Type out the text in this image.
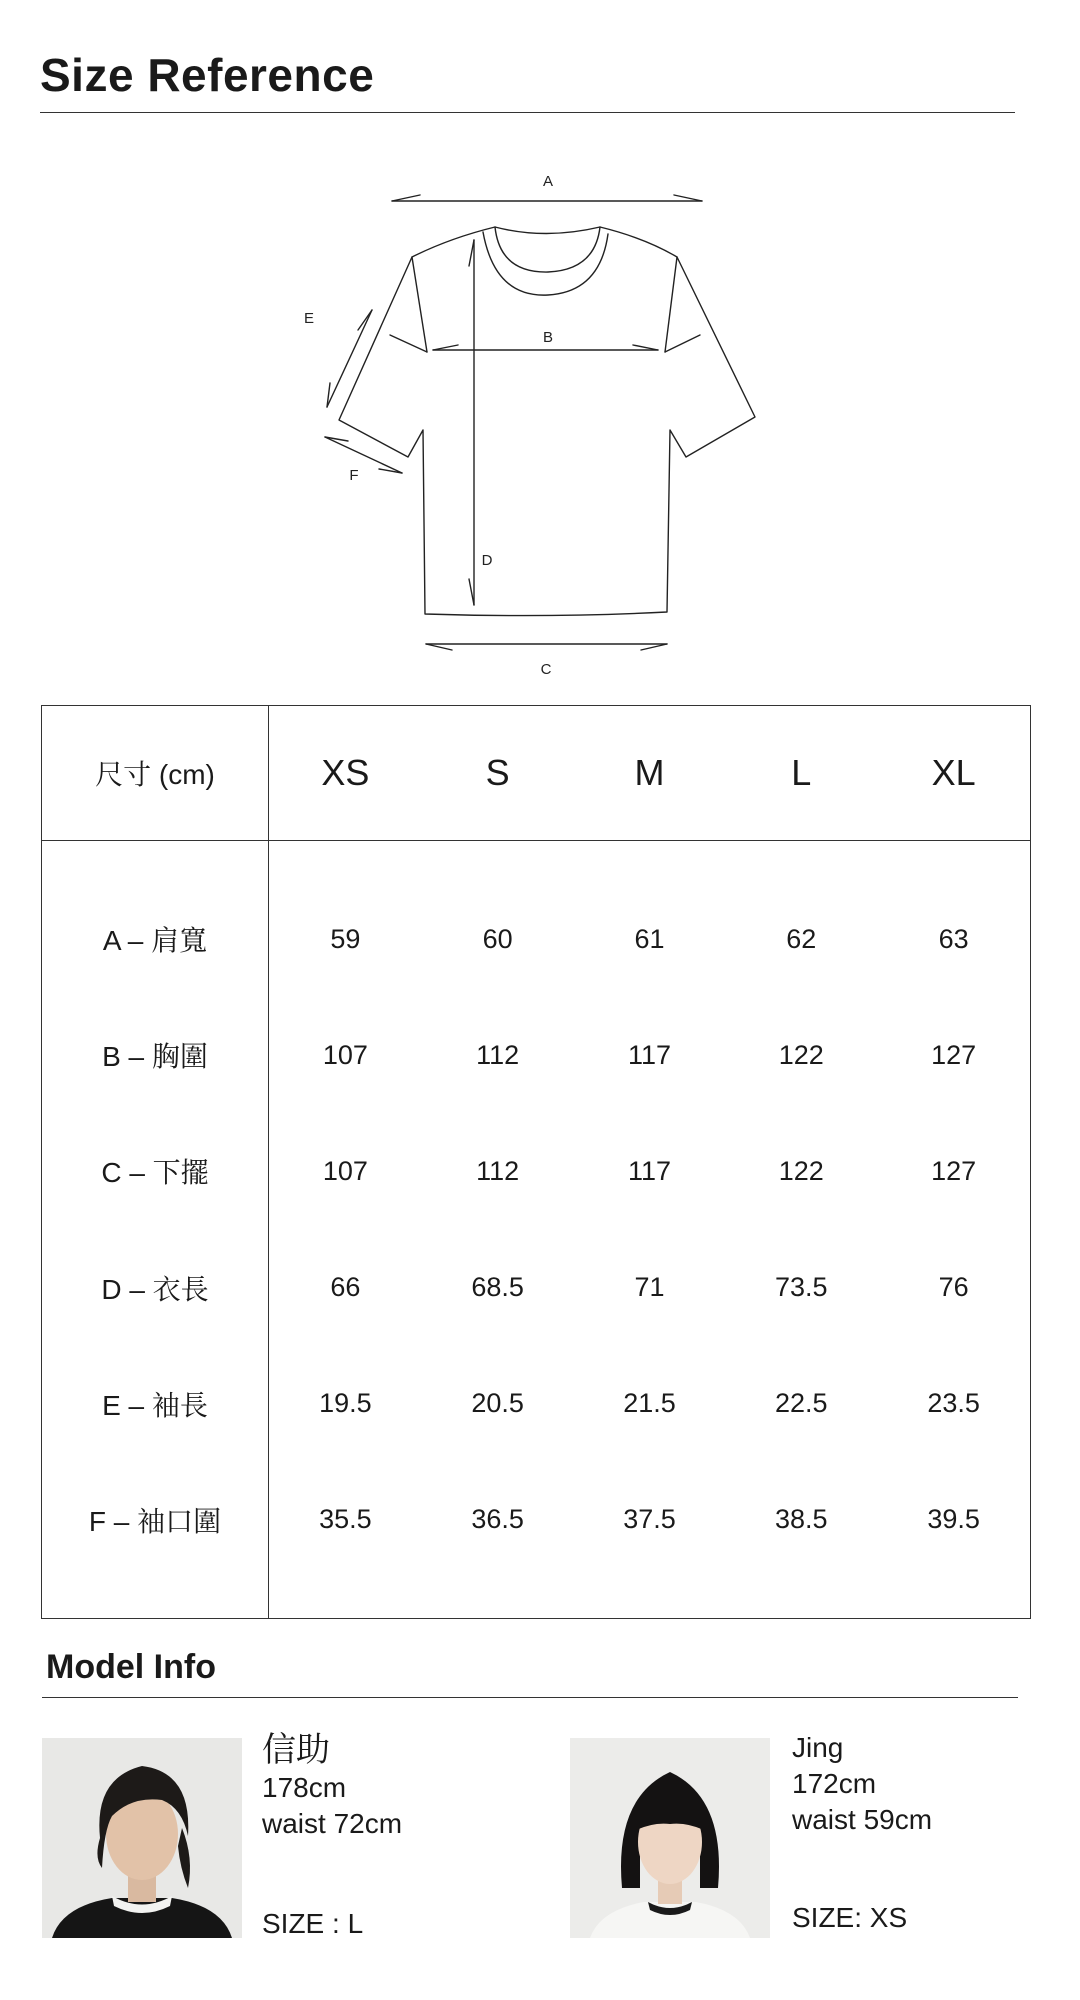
Size Reference
A
B
C
D
E
F
尺寸 (cm)	XS	S	M	L	XL

A – 肩寬	59	60	61	62	63
B – 胸圍	107	112	117	122	127
C – 下擺	107	112	117	122	127
D – 衣長	66	68.5	71	73.5	76
E – 袖長	19.5	20.5	21.5	22.5	23.5
F – 袖口圍	35.5	36.5	37.5	38.5	39.5

Model Info
信助
178cm
waist 72cm
SIZE : L
Jing
172cm
waist 59cm
SIZE: XS
